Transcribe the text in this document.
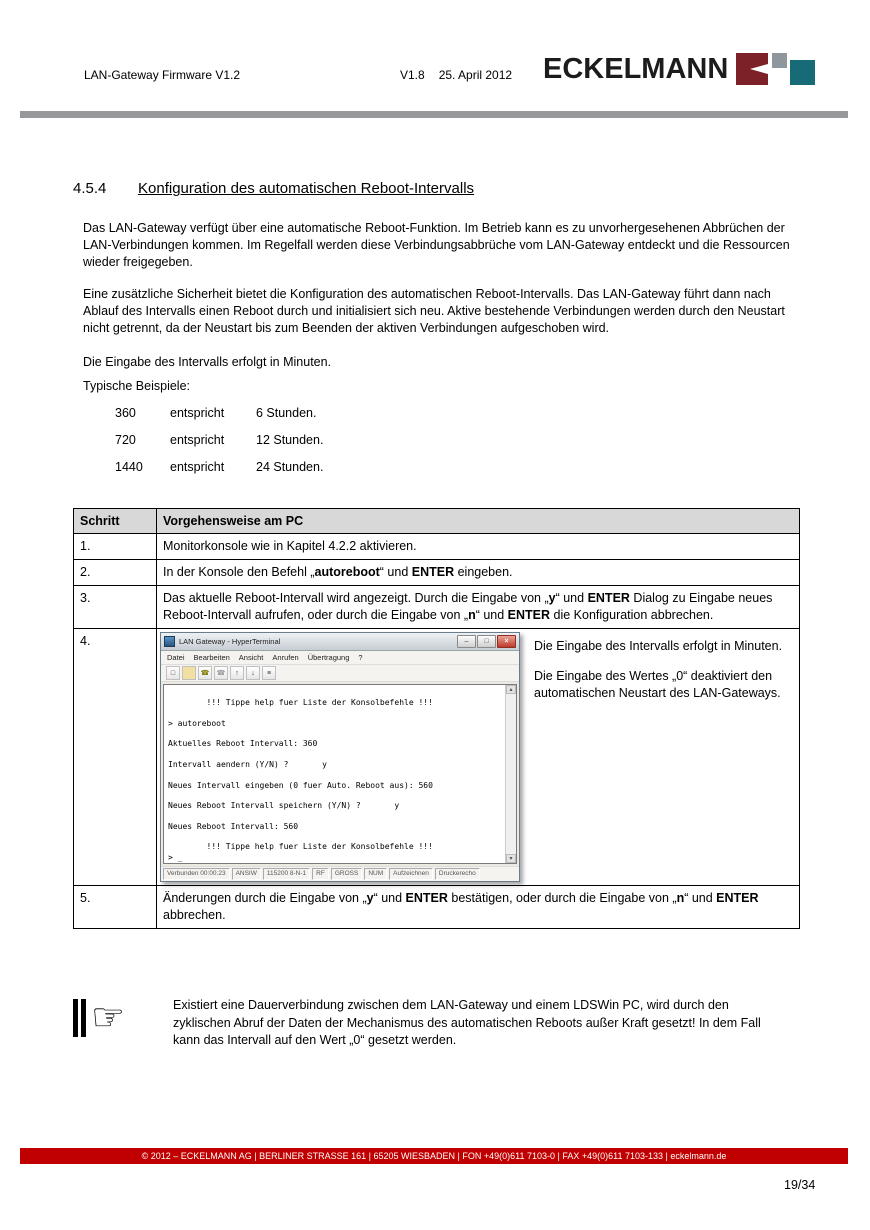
LAN-Gateway Firmware V1.2	V1.8 25. April 2012	ECKELMANN
4.5.4	Konfiguration des automatischen Reboot-Intervalls
Das LAN-Gateway verfügt über eine automatische Reboot-Funktion. Im Betrieb kann es zu unvorhergesehenen Abbrüchen der LAN-Verbindungen kommen. Im Regelfall werden diese Verbindungsabbrüche vom LAN-Gateway entdeckt und die Ressourcen wieder freigegeben.
Eine zusätzliche Sicherheit bietet die Konfiguration des automatischen Reboot-Intervalls. Das LAN-Gateway führt dann nach Ablauf des Intervalls einen Reboot durch und initialisiert sich neu. Aktive bestehende Verbindungen werden durch den Neustart nicht getrennt, da der Neustart bis zum Beenden der aktiven Verbindungen aufgeschoben wird.
Die Eingabe des Intervalls erfolgt in Minuten.
Typische Beispiele:
360	entspricht	6 Stunden.
720	entspricht	12 Stunden.
1440	entspricht	24 Stunden.
Schritt	Vorgehensweise am PC
1.	Monitorkonsole wie in Kapitel 4.2.2 aktivieren.
2.	In der Konsole den Befehl „autoreboot“ und ENTER eingeben.
3.	Das aktuelle Reboot-Intervall wird angezeigt. Durch die Eingabe von „y“ und ENTER Dialog zu Eingabe neues Reboot-Intervall aufrufen, oder durch die Eingabe von „n“ und ENTER die Konfiguration abbrechen.
4.	LAN Gateway - HyperTerminal
–
□
×
Datei Bearbeiten Ansicht Anrufen Übertragung ?
□
☎
☎
↑
↓
≡
!!! Tippe help fuer Liste der Konsolbefehle !!!
> autoreboot
Aktuelles Reboot Intervall: 360
Intervall aendern (Y/N) ?       y
Neues Intervall eingeben (0 fuer Auto. Reboot aus): 560
Neues Reboot Intervall speichern (Y/N) ?       y
Neues Reboot Intervall: 560
!!! Tippe help fuer Liste der Konsolbefehle !!!
> _
▴
▾
Verbunden 00:00:23	ANSIW	115200 8-N-1	RF	GROSS	NUM	Aufzeichnen	Druckerecho

Die Eingabe des Intervalls erfolgt in Minuten.

Die Eingabe des Wertes „0“ deaktiviert den automatischen Neustart des LAN-Gateways.

5.	Änderungen durch die Eingabe von „y“ und ENTER bestätigen, oder durch die Eingabe von „n“ und ENTER abbrechen.
☞	Existiert eine Dauerverbindung zwischen dem LAN-Gateway und einem LDSWin PC, wird durch den zyklischen Abruf der Daten der Mechanismus des automatischen Reboots außer Kraft gesetzt! In dem Fall kann das Intervall auf den Wert „0“ gesetzt werden.
© 2012 – ECKELMANN AG | BERLINER STRASSE 161 | 65205 WIESBADEN | FON +49(0)611 7103-0 | FAX +49(0)611 7103-133 | eckelmann.de
19/34
